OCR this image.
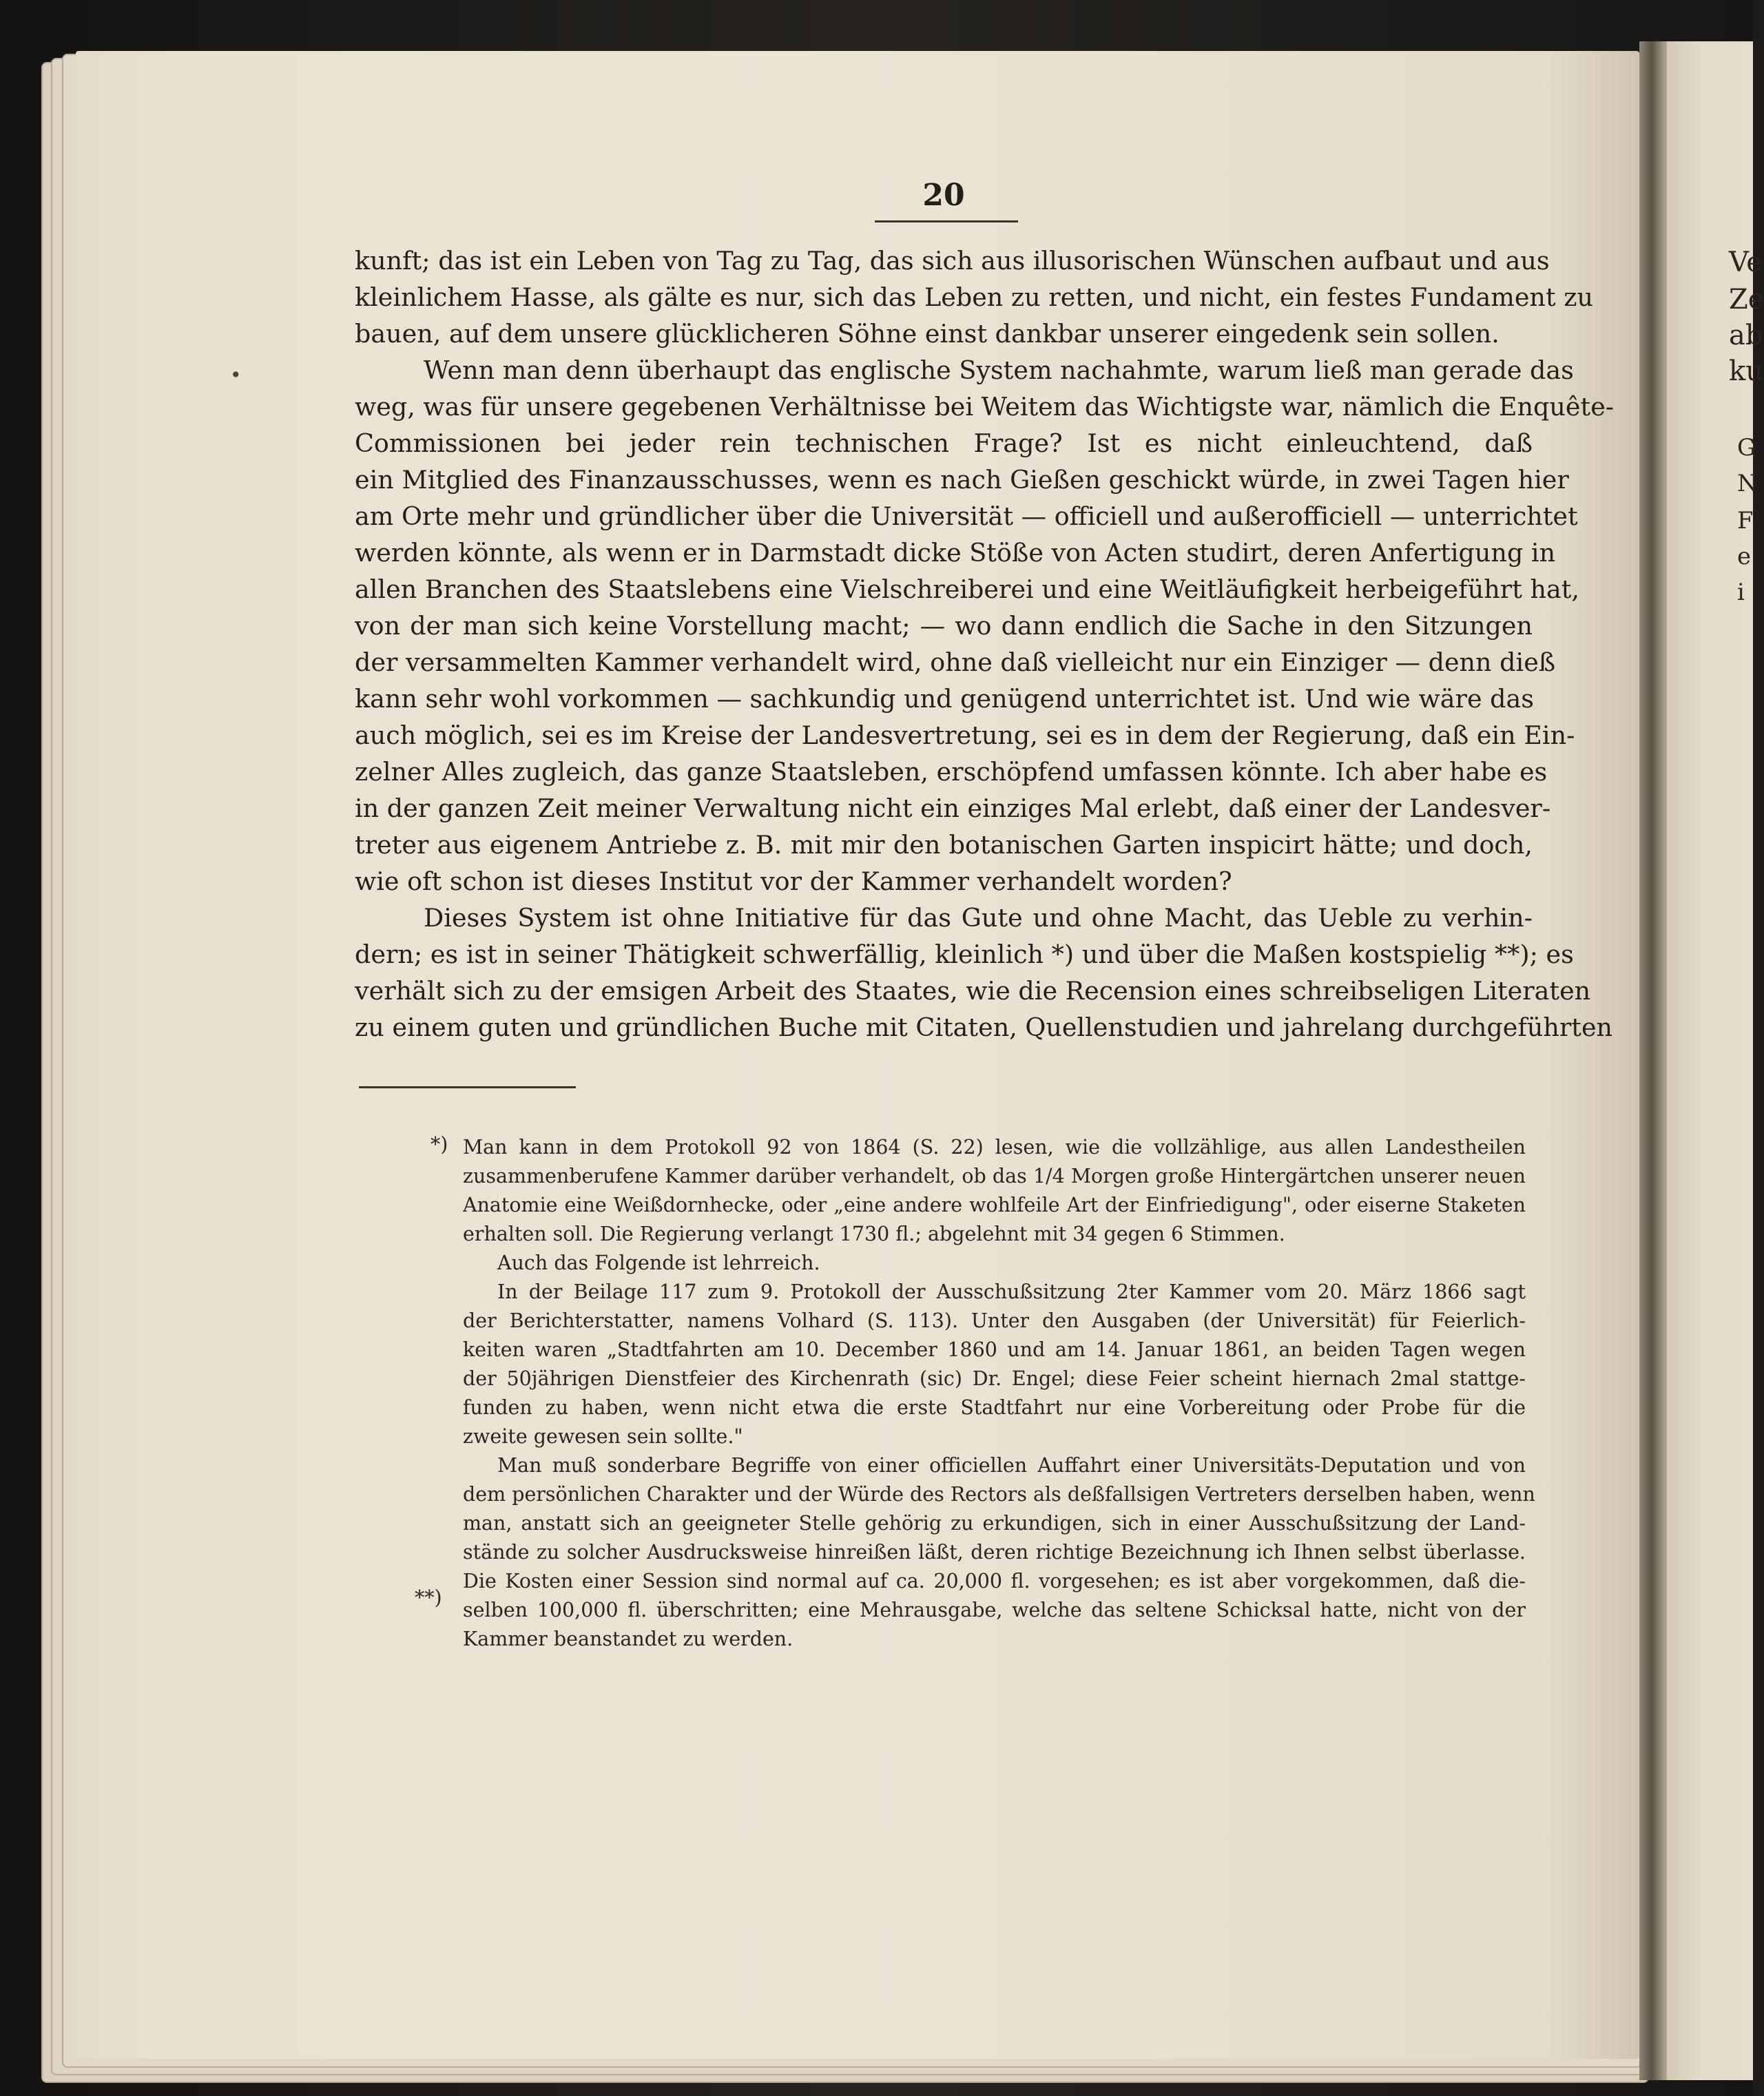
Ve
Ze
ab
ku
G
N
F
e
i
20
•
kunft; das ist ein Leben von Tag zu Tag, das sich aus illusorischen Wünschen aufbaut und aus
kleinlichem Hasse, als gälte es nur, sich das Leben zu retten, und nicht, ein festes Fundament zu
bauen, auf dem unsere glücklicheren Söhne einst dankbar unserer eingedenk sein sollen.
Wenn man denn überhaupt das englische System nachahmte, warum ließ man gerade das
weg, was für unsere gegebenen Verhältnisse bei Weitem das Wichtigste war, nämlich die Enquête-
Commissionen bei jeder rein technischen Frage? Ist es nicht einleuchtend, daß
ein Mitglied des Finanzausschusses, wenn es nach Gießen geschickt würde, in zwei Tagen hier
am Orte mehr und gründlicher über die Universität — officiell und außerofficiell — unterrichtet
werden könnte, als wenn er in Darmstadt dicke Stöße von Acten studirt, deren Anfertigung in
allen Branchen des Staatslebens eine Vielschreiberei und eine Weitläufigkeit herbeigeführt hat,
von der man sich keine Vorstellung macht; — wo dann endlich die Sache in den Sitzungen
der versammelten Kammer verhandelt wird, ohne daß vielleicht nur ein Einziger — denn dieß
kann sehr wohl vorkommen — sachkundig und genügend unterrichtet ist. Und wie wäre das
auch möglich, sei es im Kreise der Landesvertretung, sei es in dem der Regierung, daß ein Ein-
zelner Alles zugleich, das ganze Staatsleben, erschöpfend umfassen könnte. Ich aber habe es
in der ganzen Zeit meiner Verwaltung nicht ein einziges Mal erlebt, daß einer der Landesver-
treter aus eigenem Antriebe z. B. mit mir den botanischen Garten inspicirt hätte; und doch,
wie oft schon ist dieses Institut vor der Kammer verhandelt worden?
Dieses System ist ohne Initiative für das Gute und ohne Macht, das Ueble zu verhin-
dern; es ist in seiner Thätigkeit schwerfällig, kleinlich *) und über die Maßen kostspielig **); es
verhält sich zu der emsigen Arbeit des Staates, wie die Recension eines schreibseligen Literaten
zu einem guten und gründlichen Buche mit Citaten, Quellenstudien und jahrelang durchgeführten
*)
**)
Man kann in dem Protokoll 92 von 1864 (S. 22) lesen, wie die vollzählige, aus allen Landestheilen
zusammenberufene Kammer darüber verhandelt, ob das 1/4 Morgen große Hintergärtchen unserer neuen
Anatomie eine Weißdornhecke, oder „eine andere wohlfeile Art der Einfriedigung", oder eiserne Staketen
erhalten soll. Die Regierung verlangt 1730 fl.; abgelehnt mit 34 gegen 6 Stimmen.
Auch das Folgende ist lehrreich.
In der Beilage 117 zum 9. Protokoll der Ausschußsitzung 2ter Kammer vom 20. März 1866 sagt
der Berichterstatter, namens Volhard (S. 113). Unter den Ausgaben (der Universität) für Feierlich-
keiten waren „Stadtfahrten am 10. December 1860 und am 14. Januar 1861, an beiden Tagen wegen
der 50jährigen Dienstfeier des Kirchenrath (sic) Dr. Engel; diese Feier scheint hiernach 2mal stattge-
funden zu haben, wenn nicht etwa die erste Stadtfahrt nur eine Vorbereitung oder Probe für die
zweite gewesen sein sollte."
Man muß sonderbare Begriffe von einer officiellen Auffahrt einer Universitäts-Deputation und von
dem persönlichen Charakter und der Würde des Rectors als deßfallsigen Vertreters derselben haben, wenn
man, anstatt sich an geeigneter Stelle gehörig zu erkundigen, sich in einer Ausschußsitzung der Land-
stände zu solcher Ausdrucksweise hinreißen läßt, deren richtige Bezeichnung ich Ihnen selbst überlasse.
Die Kosten einer Session sind normal auf ca. 20,000 fl. vorgesehen; es ist aber vorgekommen, daß die-
selben 100,000 fl. überschritten; eine Mehrausgabe, welche das seltene Schicksal hatte, nicht von der
Kammer beanstandet zu werden.
